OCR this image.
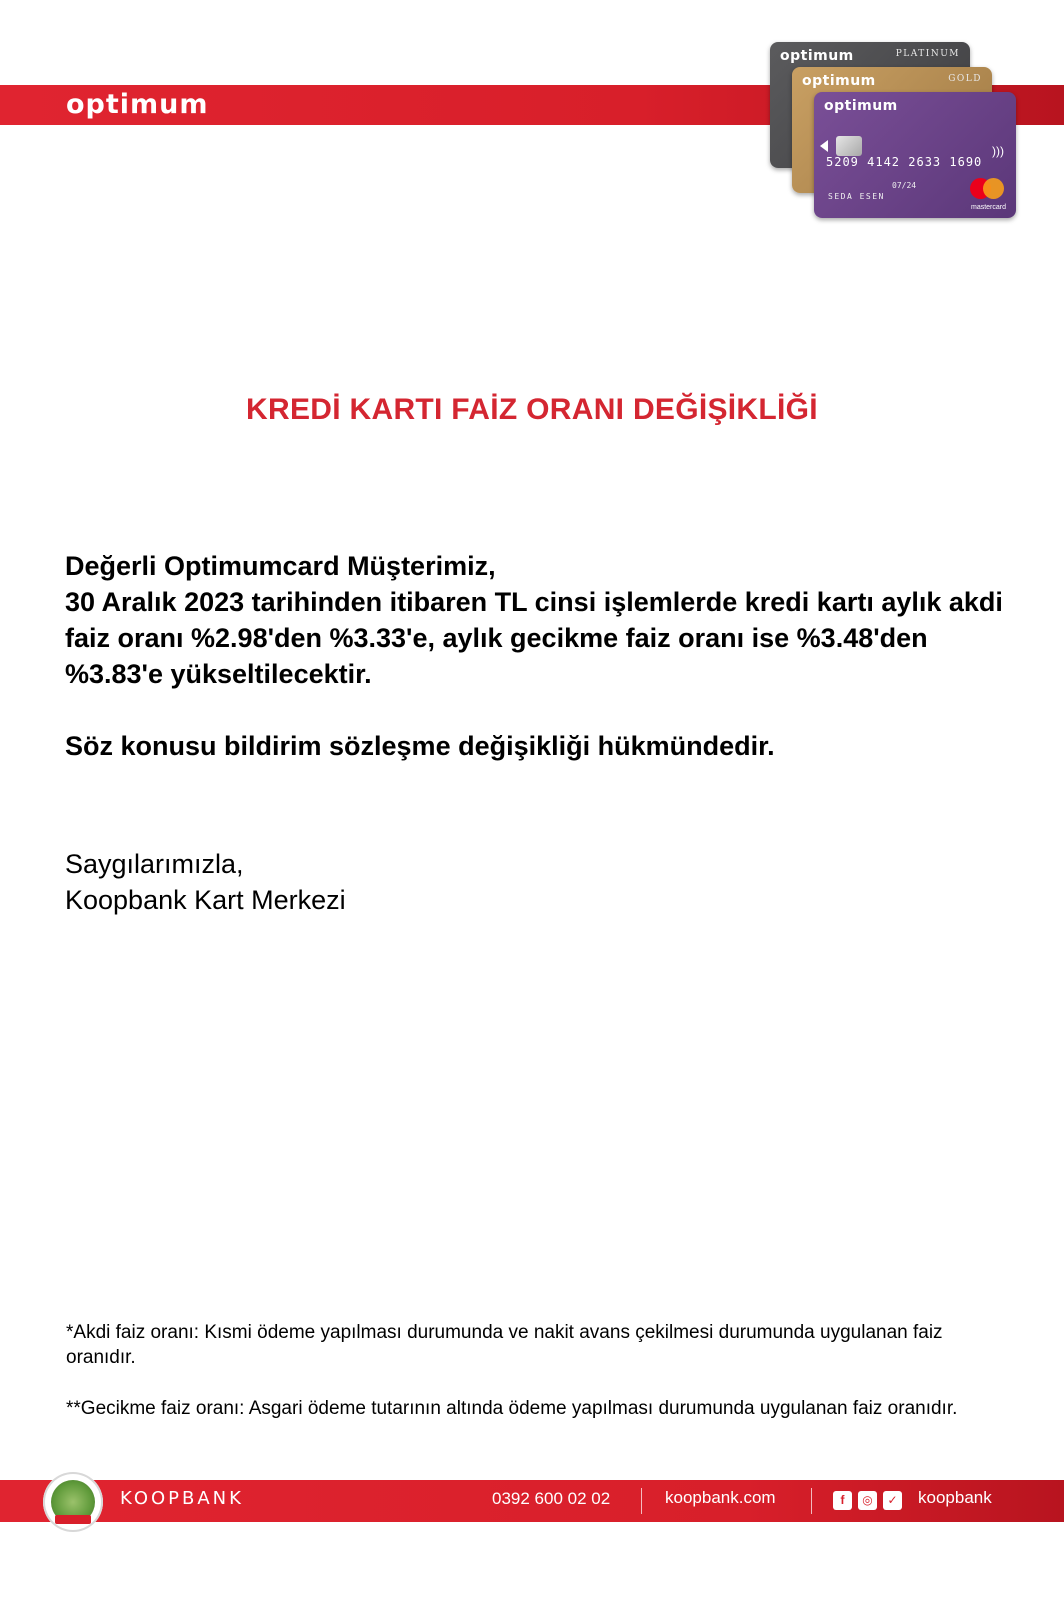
optimum
optimum	PLATINUM
optimum	GOLD
optimum
)))
5209 4142 2633 1690
07/24
SEDA ESEN
mastercard
KREDİ KARTI FAİZ ORANI DEĞİŞİKLİĞİ

Değerli Optimumcard Müşterimiz,

30 Aralık 2023 tarihinden itibaren TL cinsi işlemlerde kredi kartı aylık akdi faiz oranı %2.98'den %3.33'e, aylık gecikme faiz oranı ise %3.48'den %3.83'e yükseltilecektir.

Söz konusu bildirim sözleşme değişikliği hükmündedir.

Saygılarımızla,

Koopbank Kart Merkezi

*Akdi faiz oranı: Kısmi ödeme yapılması durumunda ve nakit avans çekilmesi durumunda uygulanan faiz oranıdır.

**Gecikme faiz oranı: Asgari ödeme tutarının altında ödeme yapılması durumunda uygulanan faiz oranıdır.

KOOPBANK	0392 600 02 02	koopbank.com	f	◎	✓ koopbank
